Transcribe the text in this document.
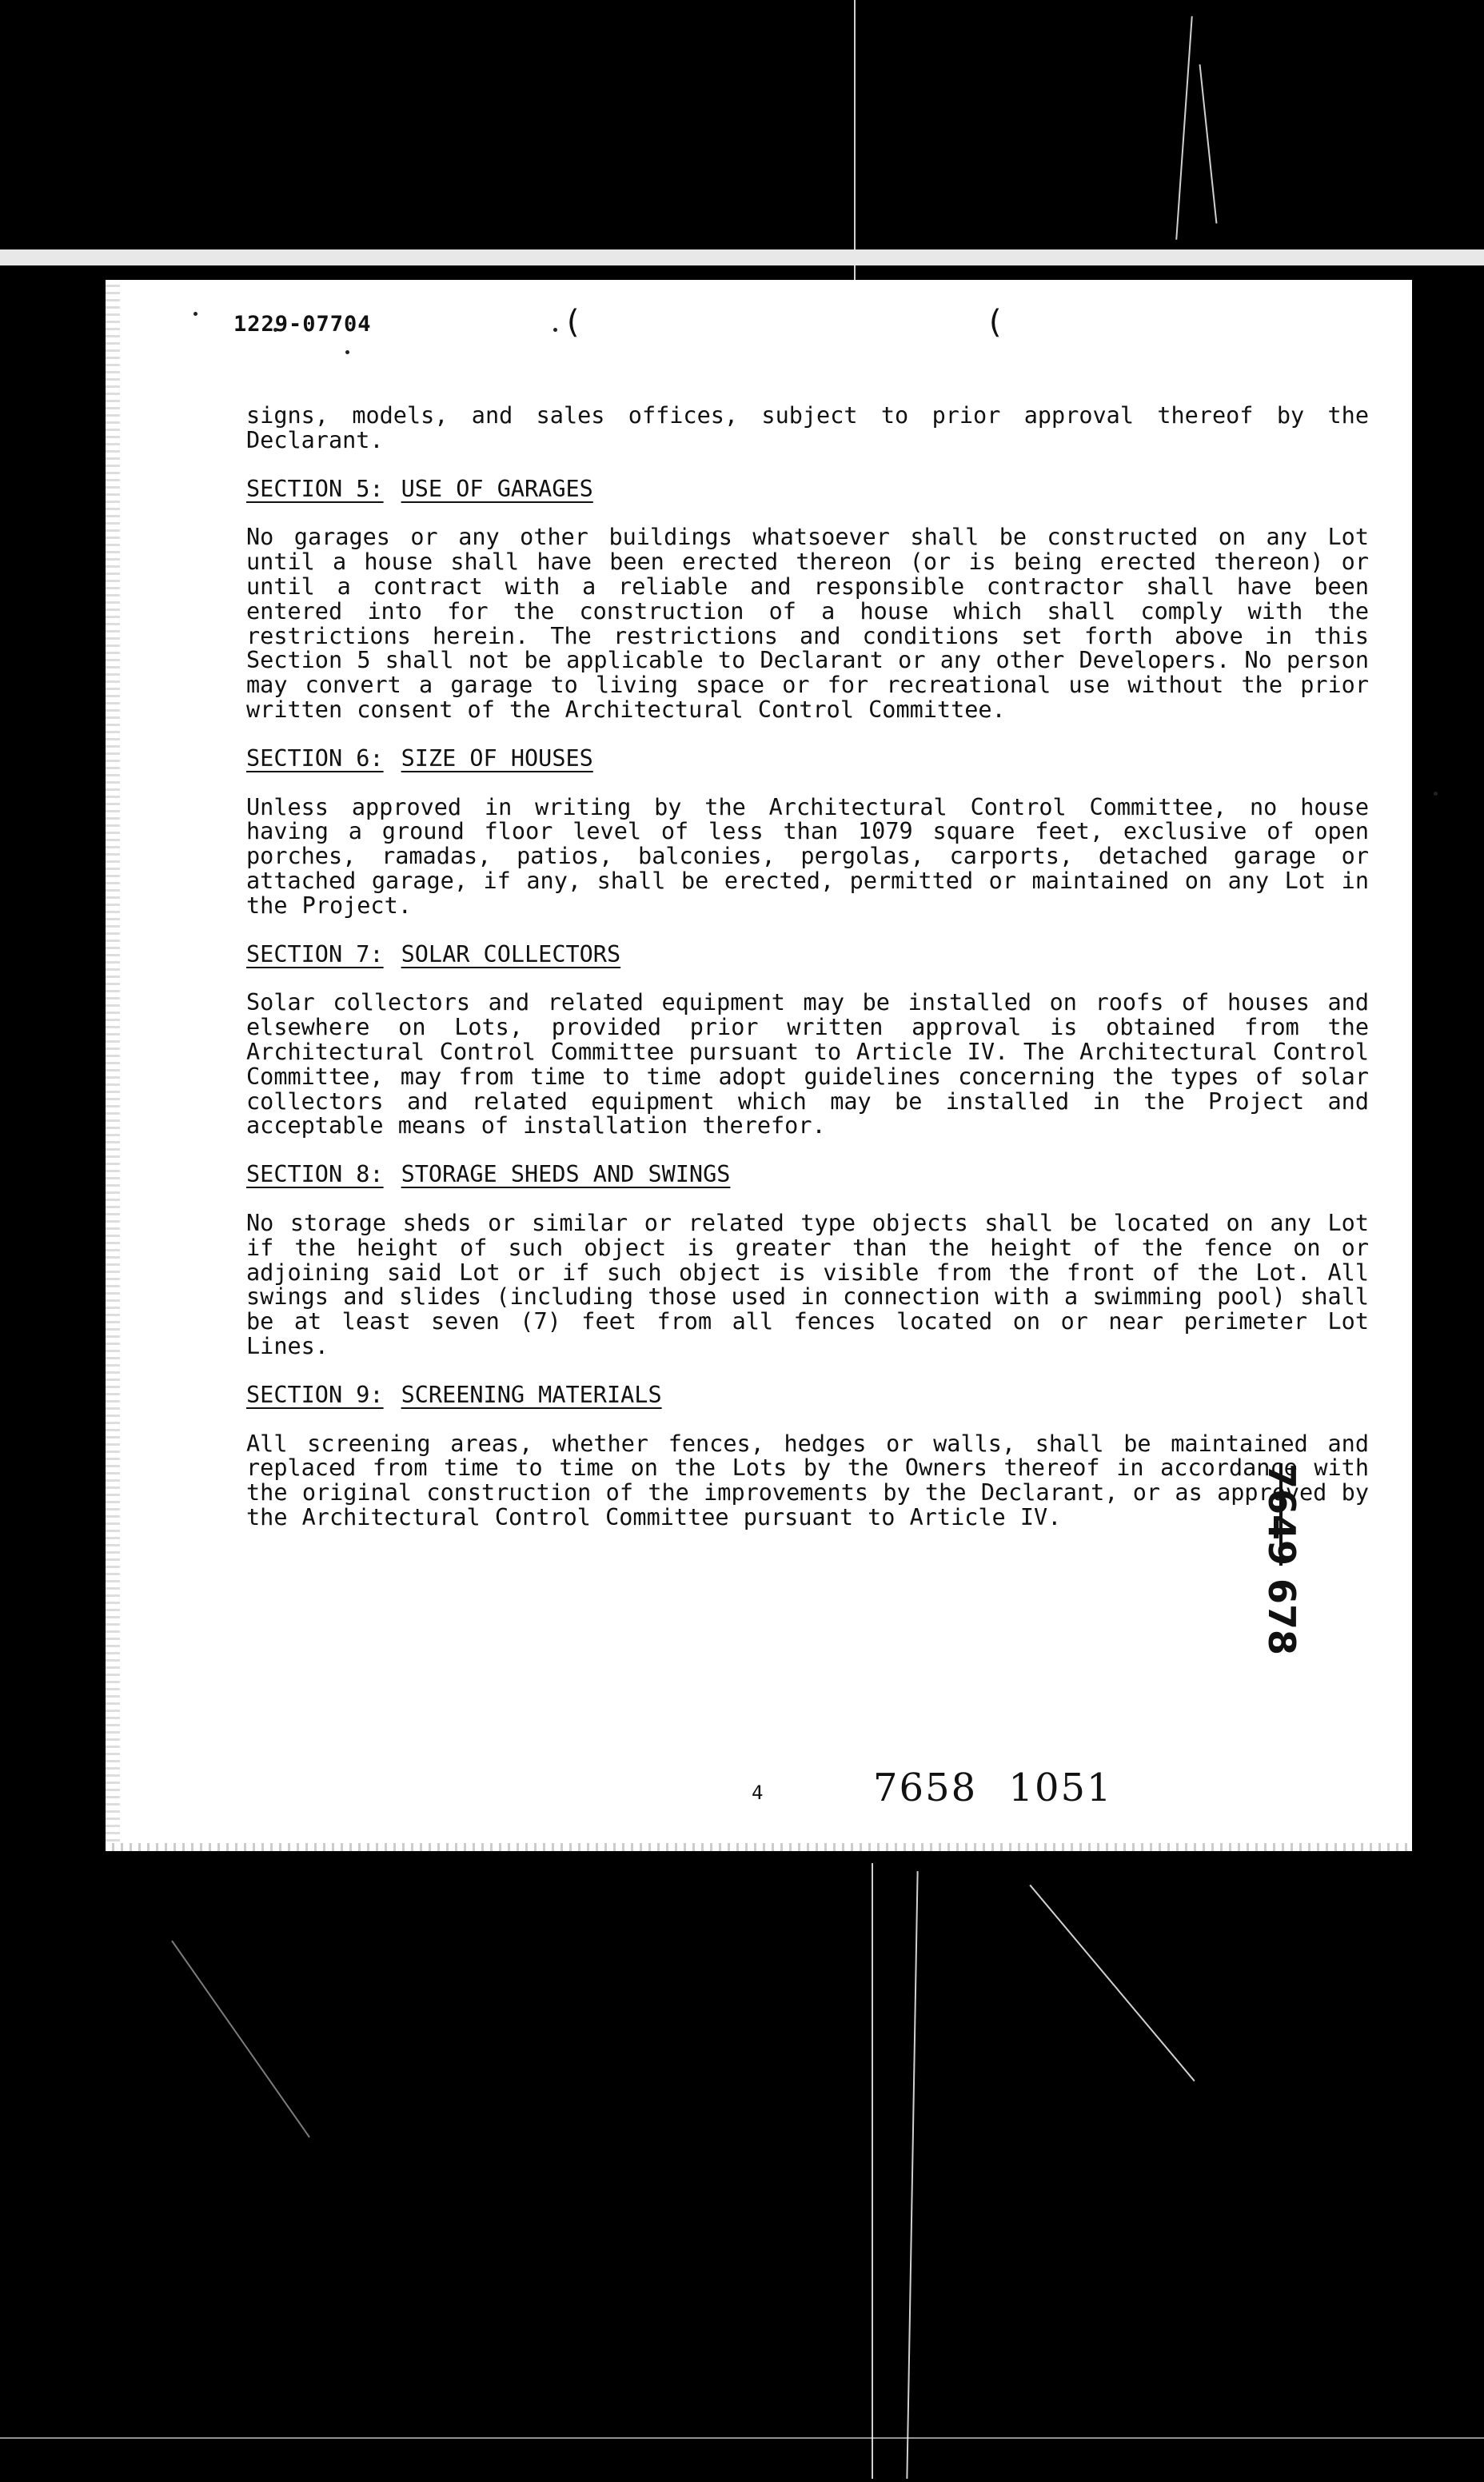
1229-07704	(	(

signs, models, and sales offices, subject to prior approval thereof by the Declarant.

SECTION 5: USE OF GARAGES

No garages or any other buildings whatsoever shall be constructed on any Lot until a house shall have been erected thereon (or is being erected thereon) or until a contract with a reliable and responsible contractor shall have been entered into for the construction of a house which shall comply with the restrictions herein. The restrictions and conditions set forth above in this Section 5 shall not be applicable to Declarant or any other Developers. No person may convert a garage to living space or for recreational use without the prior written consent of the Architectural Control Committee.

SECTION 6: SIZE OF HOUSES

Unless approved in writing by the Architectural Control Committee, no house having a ground floor level of less than 1079 square feet, exclusive of open porches, ramadas, patios, balconies, pergolas, carports, detached garage or attached garage, if any, shall be erected, permitted or maintained on any Lot in the Project.

SECTION 7: SOLAR COLLECTORS

Solar collectors and related equipment may be installed on roofs of houses and elsewhere on Lots, provided prior written approval is obtained from the Architectural Control Committee pursuant to Article IV. The Architectural Control Committee, may from time to time adopt guidelines concerning the types of solar collectors and related equipment which may be installed in the Project and acceptable means of installation therefor.

SECTION 8: STORAGE SHEDS AND SWINGS

No storage sheds or similar or related type objects shall be located on any Lot if the height of such object is greater than the height of the fence on or adjoining said Lot or if such object is visible from the front of the Lot. All swings and slides (including those used in connection with a swimming pool) shall be at least seven (7) feet from all fences located on or near perimeter Lot Lines.

SECTION 9: SCREENING MATERIALS

All screening areas, whether fences, hedges or walls, shall be maintained and replaced from time to time on the Lots by the Owners thereof in accordance with the original construction of the improvements by the Declarant, or as approved by the Architectural Control Committee pursuant to Article IV.	7649 678
4	7658 1051
